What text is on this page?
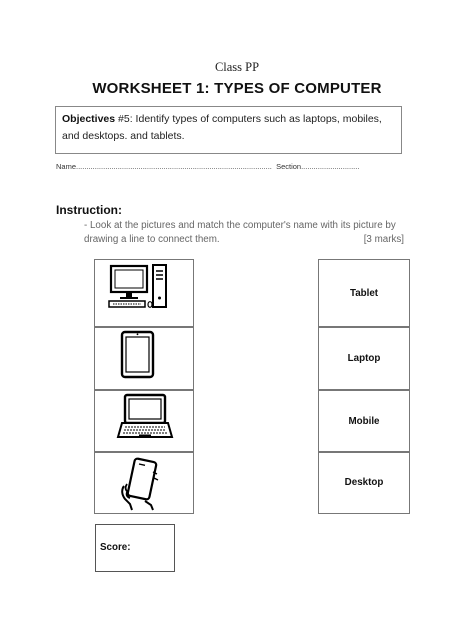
Class PP
WORKSHEET 1: TYPES OF COMPUTER
Objectives #5: Identify types of computers such as laptops, mobiles, and desktops. and tablets.
Name.............................................................................................. Section............................
Instruction:
- Look at the pictures and match the computer's name with its picture by drawing a line to connect them.	[3 marks]
Tablet
Laptop
Mobile
Desktop
Score:
